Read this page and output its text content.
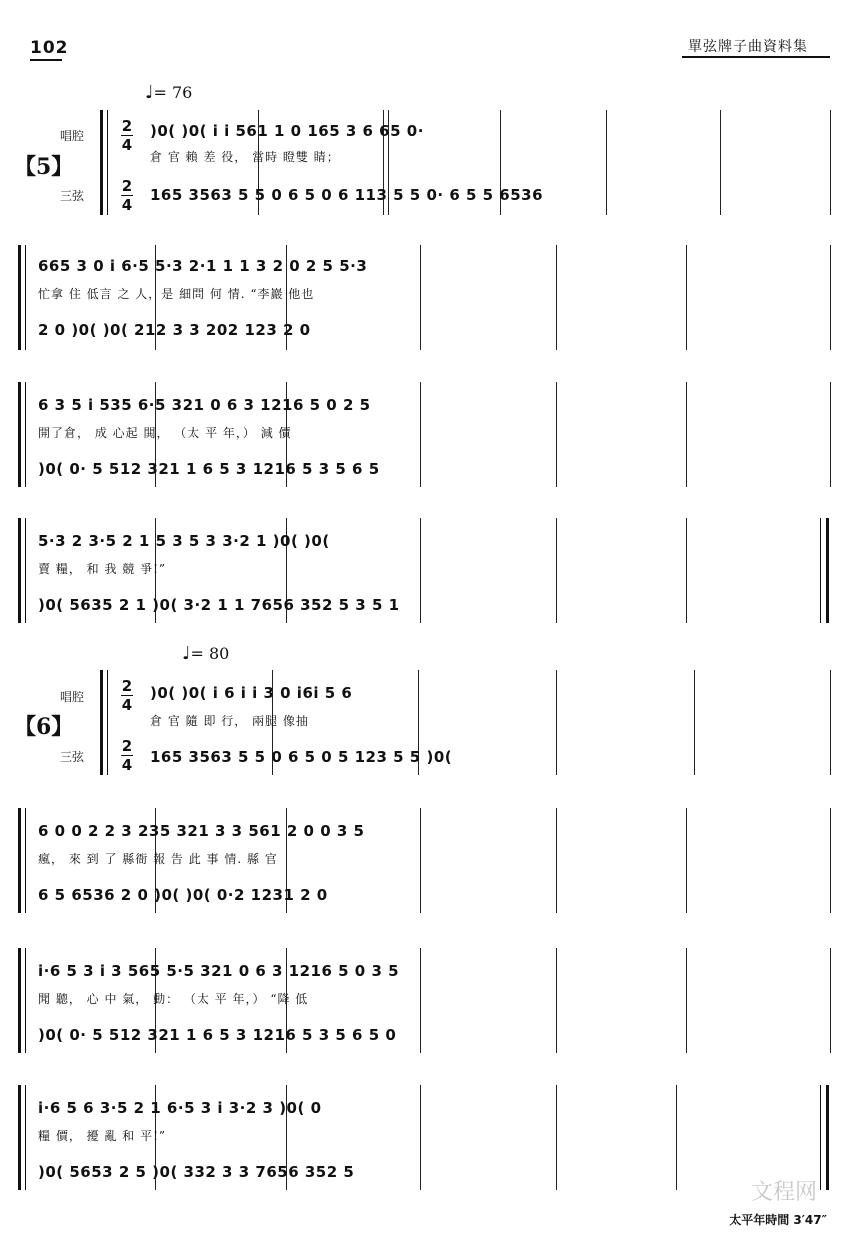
102	單弦牌子曲資料集
♩= 76
【5】
唱腔
三弦
2
4
2
4
)0( )0( i i 561 1 0 165 3 6 65 0·
倉 官 賴 差 役， 當時 瞪雙 睛；
165 3563 5 5 0 6 5 0 6 113 5 5 0· 6 5 5 6536
665 3 0 i 6·5 5·3 2·1 1 1 3 2 0 2 5 5·3
忙拿 住 低言 之 人，是 細問 何 情. “李巖 他也
2 0 )0( )0( 212 3 3 202 123 2 0
6 3 5 i 535 6·5 321 0 6 3 1216 5 0 2 5
開了倉， 成 心起 閧， （太 平 年，） 減 價
)0( 0· 5 512 321 1 6 5 3 1216 5 3 5 6 5
5·3 2 3·5 2 1 5 3 5 3 3·2 1 )0( )0(
賣 糧， 和 我 競 爭!”
)0( 5635 2 1 )0( 3·2 1 1 7656 352 5 3 5 1
♩= 80
【6】
唱腔
三弦
2
4
2
4
)0( )0( i 6 i i 3 0 i6i 5 6
倉 官 隨 即 行， 兩腿 像抽
165 3563 5 5 0 6 5 0 5 123 5 5 )0(
6 0 0 2 2 3 235 321 3 3 561 2 0 0 3 5
瘋， 來 到 了 縣衙 報 告 此 事 情. 縣 官
6 5 6536 2 0 )0( )0( 0·2 1231 2 0
i·6 5 3 i 3 565 5·5 321 0 6 3 1216 5 0 3 5
聞 聽， 心 中 氣， 動： （太 平 年，） “降 低
)0( 0· 5 512 321 1 6 5 3 1216 5 3 5 6 5 0
i·6 5 6 3·5 2 1 6·5 3 i 3·2 3 )0( 0
糧 價， 擾 亂 和 平!”
)0( 5653 2 5 )0( 332 3 3 7656 352 5
文程网
太平年時間 3′47″
